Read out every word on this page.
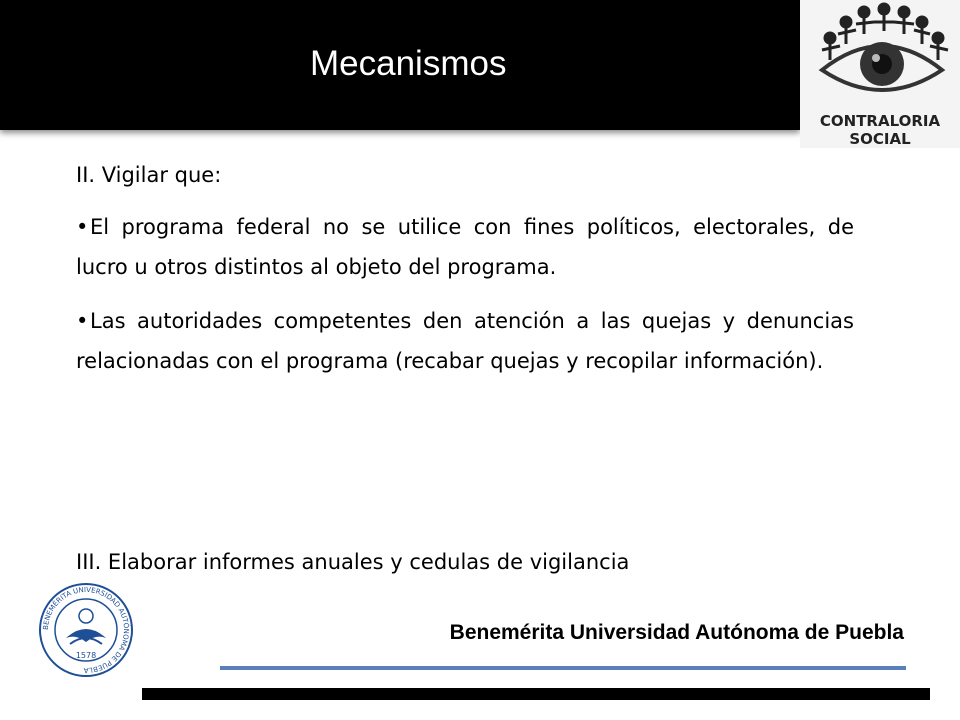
Mecanismos
CONTRALORIA
SOCIAL

II. Vigilar que:

•El programa federal no se utilice con fines políticos, electorales, de lucro u otros distintos al objeto del programa.

•Las autoridades competentes den atención a las quejas y denuncias relacionadas con el programa (recabar quejas y recopilar información).

III. Elaborar informes anuales y cedulas de vigilancia
BENEMÉRITA UNIVERSIDAD AUTÓNOMA DE PUEBLA
1578
Benemérita Universidad Autónoma de Puebla
